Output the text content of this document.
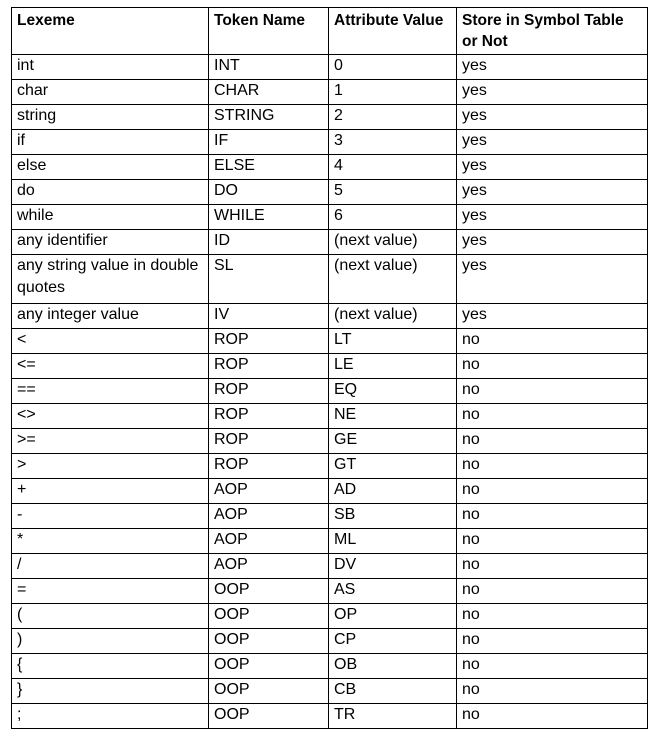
Lexeme	Token Name	Attribute Value	Store in Symbol Table or Not
int	INT	0	yes
char	CHAR	1	yes
string	STRING	2	yes
if	IF	3	yes
else	ELSE	4	yes
do	DO	5	yes
while	WHILE	6	yes
any identifier	ID	(next value)	yes
any string value in double quotes	SL	(next value)	yes
any integer value	IV	(next value)	yes
<	ROP	LT	no
<=	ROP	LE	no
==	ROP	EQ	no
<>	ROP	NE	no
>=	ROP	GE	no
>	ROP	GT	no
+	AOP	AD	no
-	AOP	SB	no
*	AOP	ML	no
/	AOP	DV	no
=	OOP	AS	no
(	OOP	OP	no
)	OOP	CP	no
{	OOP	OB	no
}	OOP	CB	no
;	OOP	TR	no
